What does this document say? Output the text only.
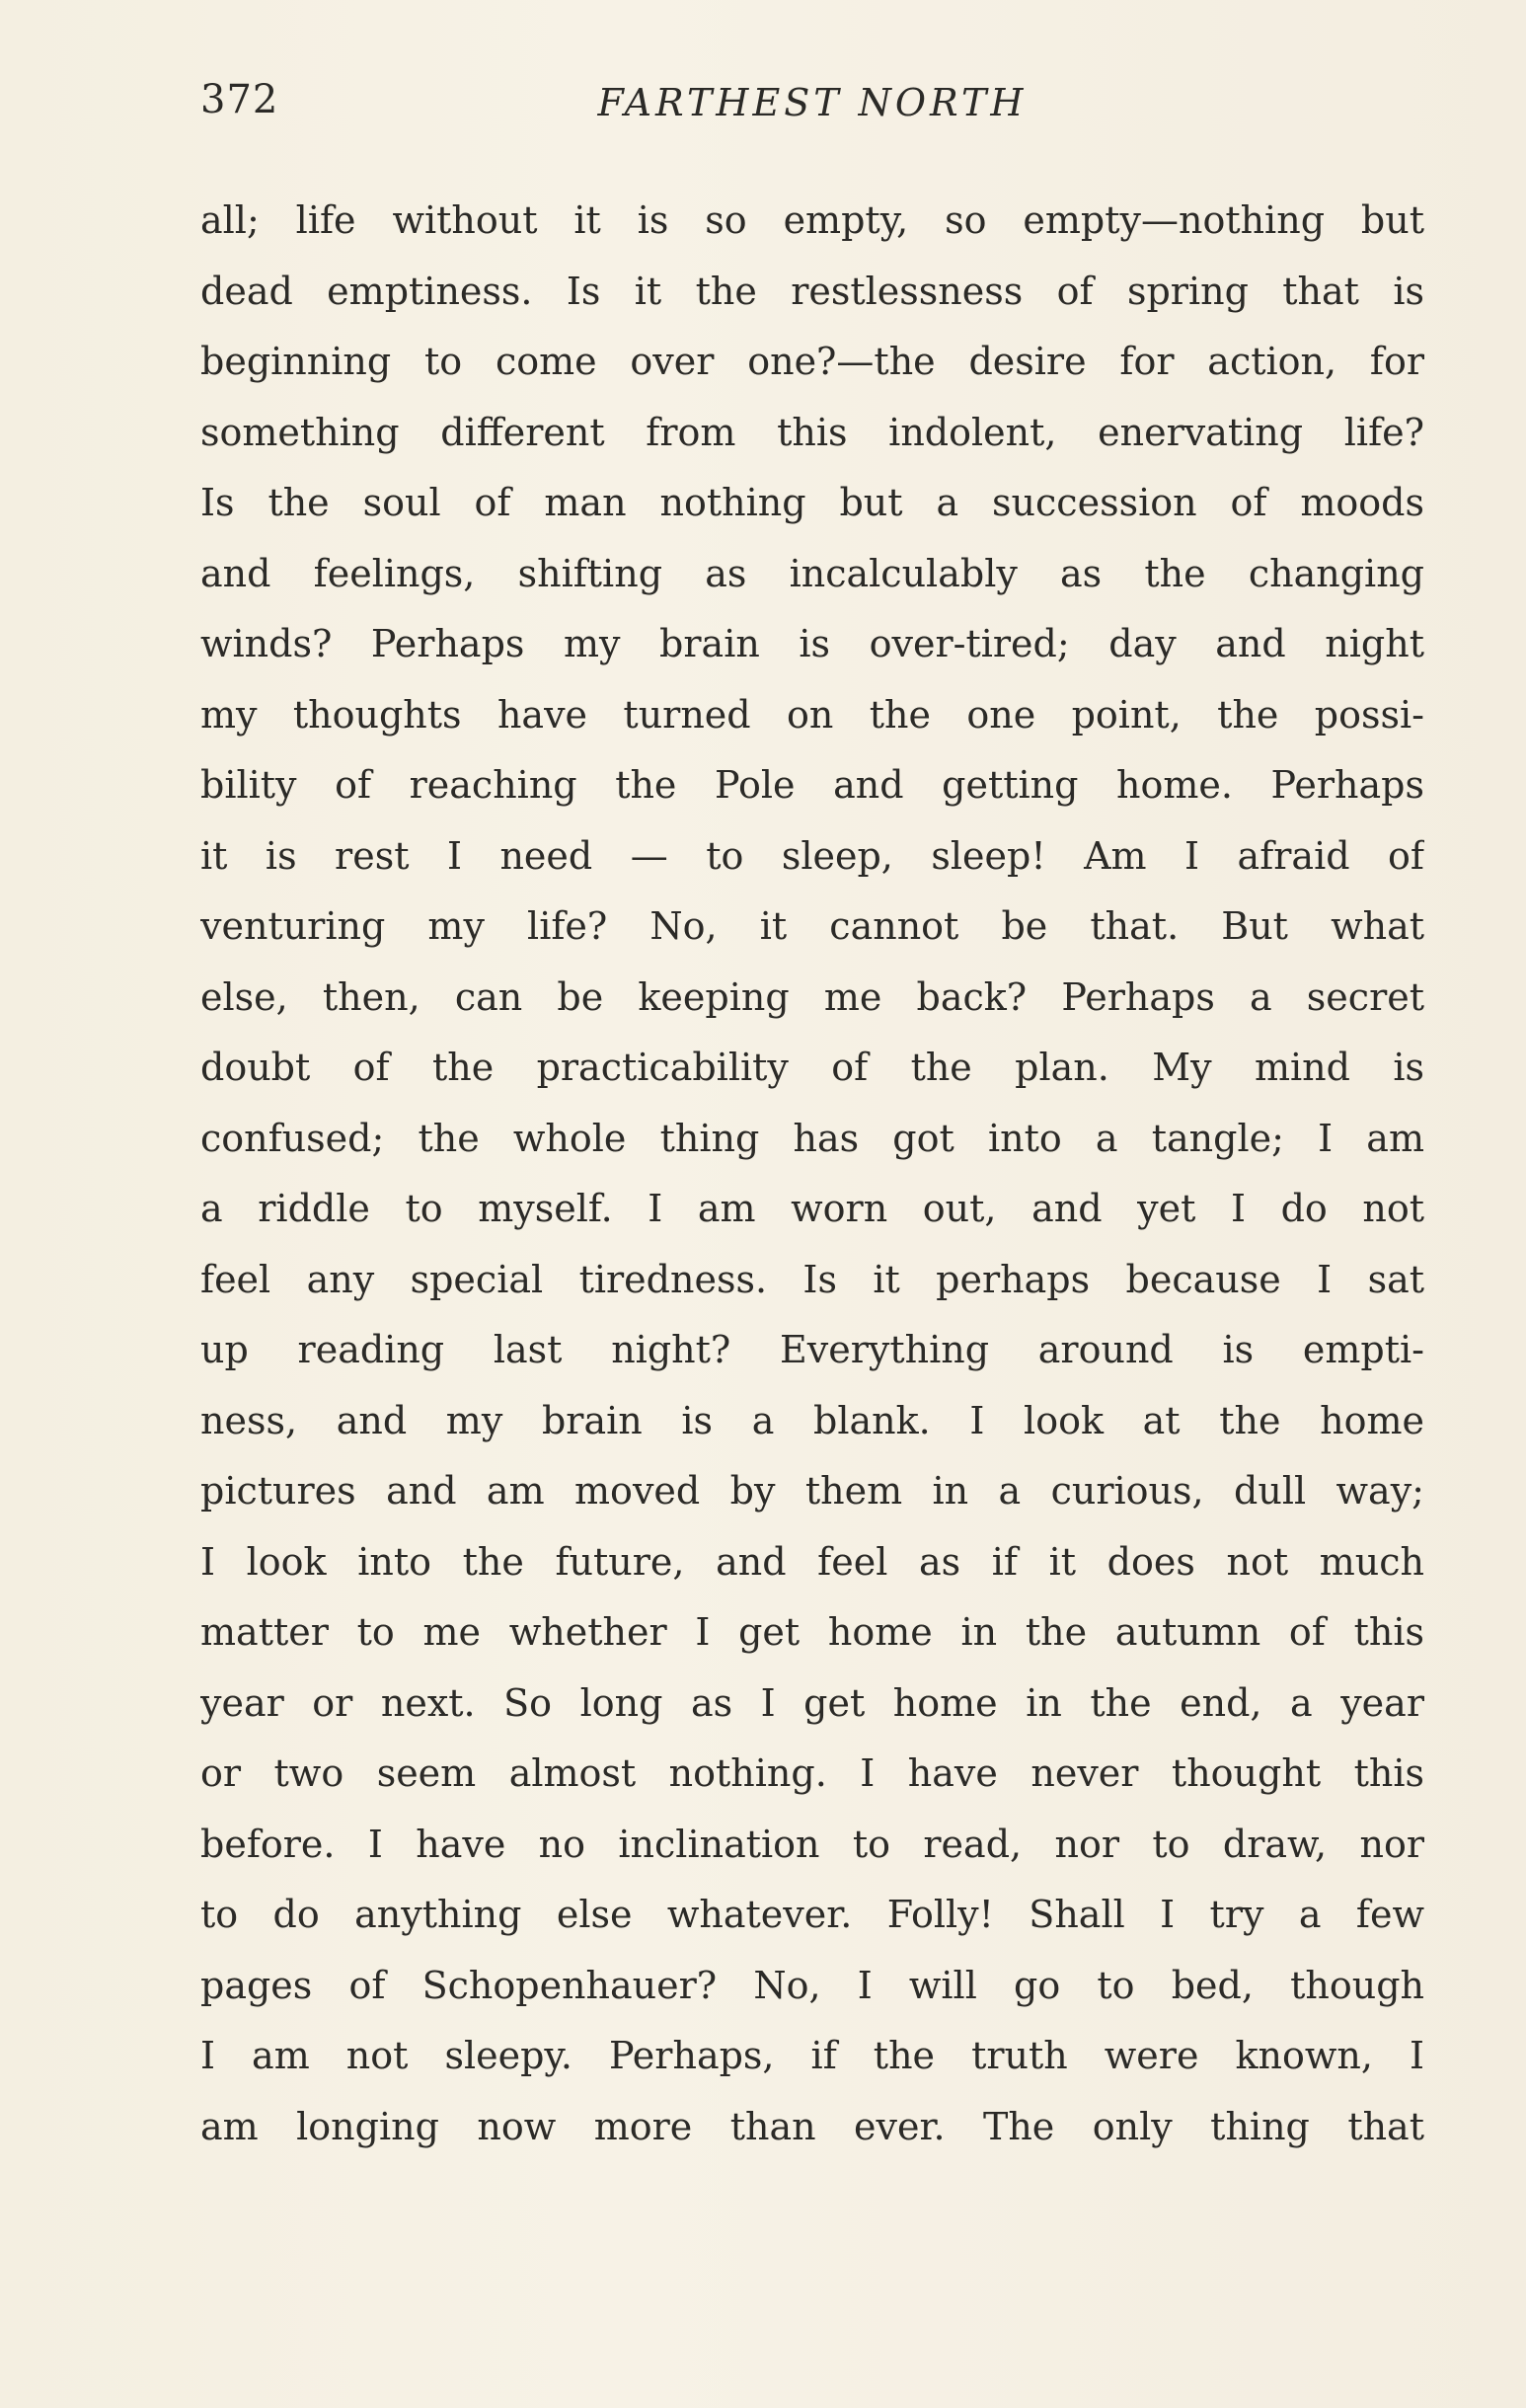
372	FARTHEST NORTH
all; life without it is so empty, so empty—nothing but
dead emptiness. Is it the restlessness of spring that is
beginning to come over one?—the desire for action, for
something different from this indolent, enervating life?
Is the soul of man nothing but a succession of moods
and feelings, shifting as incalculably as the changing
winds? Perhaps my brain is over-tired; day and night
my thoughts have turned on the one point, the possi-
bility of reaching the Pole and getting home. Perhaps
it is rest I need — to sleep, sleep! Am I afraid of
venturing my life? No, it cannot be that. But what
else, then, can be keeping me back? Perhaps a secret
doubt of the practicability of the plan. My mind is
confused; the whole thing has got into a tangle; I am
a riddle to myself. I am worn out, and yet I do not
feel any special tiredness. Is it perhaps because I sat
up reading last night? Everything around is empti-
ness, and my brain is a blank. I look at the home
pictures and am moved by them in a curious, dull way;
I look into the future, and feel as if it does not much
matter to me whether I get home in the autumn of this
year or next. So long as I get home in the end, a year
or two seem almost nothing. I have never thought this
before. I have no inclination to read, nor to draw, nor
to do anything else whatever. Folly! Shall I try a few
pages of Schopenhauer? No, I will go to bed, though
I am not sleepy. Perhaps, if the truth were known, I
am longing now more than ever. The only thing that
